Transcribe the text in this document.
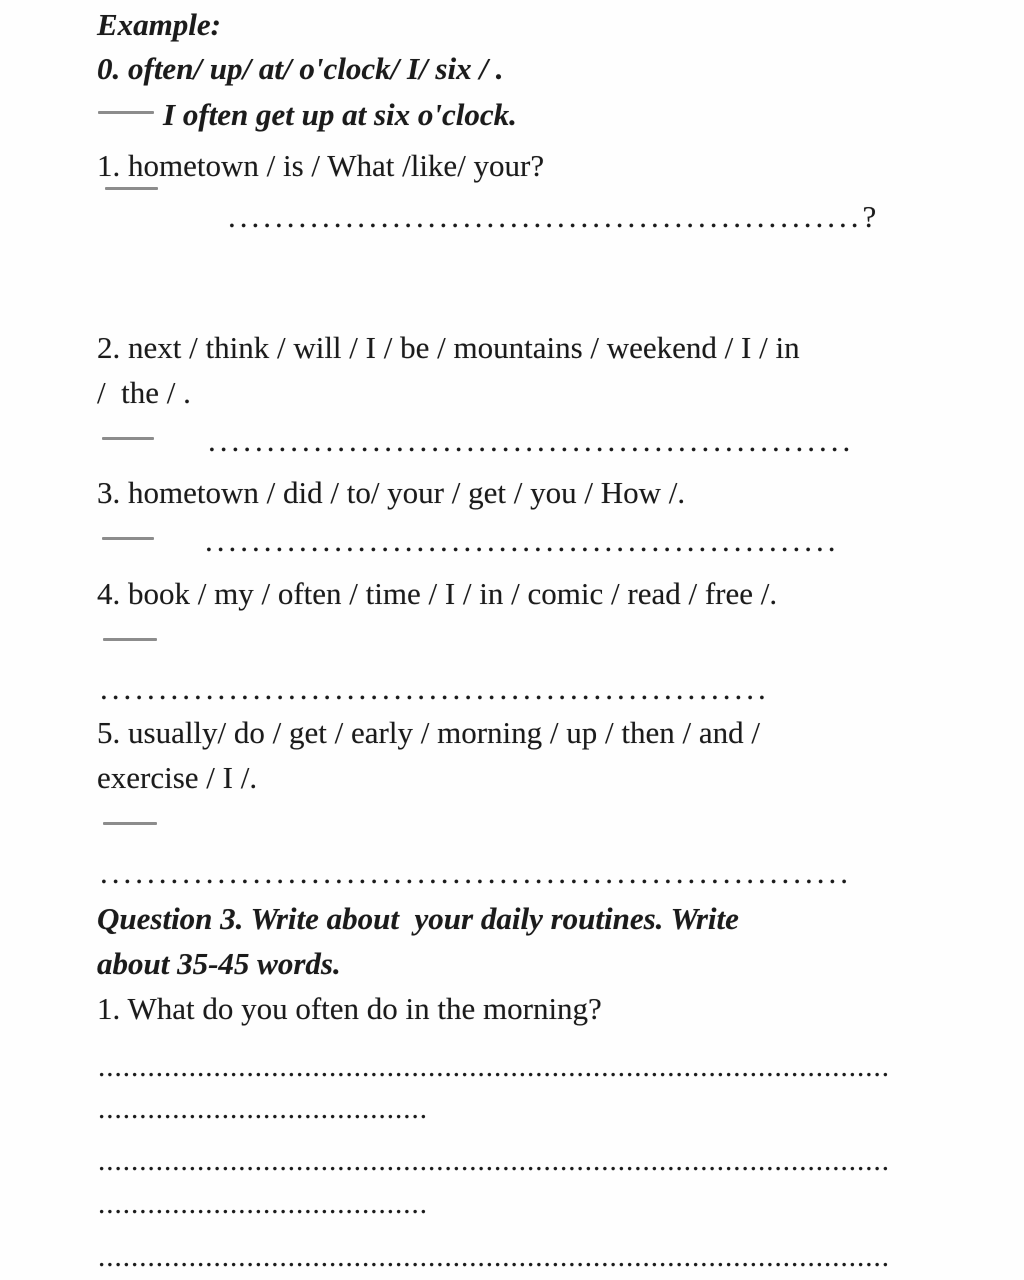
Example:
0. often/ up/ at/ o'clock/ I/ six / .
I often get up at six o'clock.
1. hometown / is / What /like/ your?
......................................................?
2. next / think / will / I / be / mountains / weekend / I / in
/  the / .
.......................................................
3. hometown / did / to/ your / get / you / How /.
......................................................
4. book / my / often / time / I / in / comic / read / free /.
.........................................................
5. usually/ do / get / early / morning / up / then / and /
exercise / I /.
................................................................
Question 3. Write about  your daily routines. Write
about 35-45 words.
1. What do you often do in the morning?
................................................................................................
........................................
................................................................................................
........................................
................................................................................................
